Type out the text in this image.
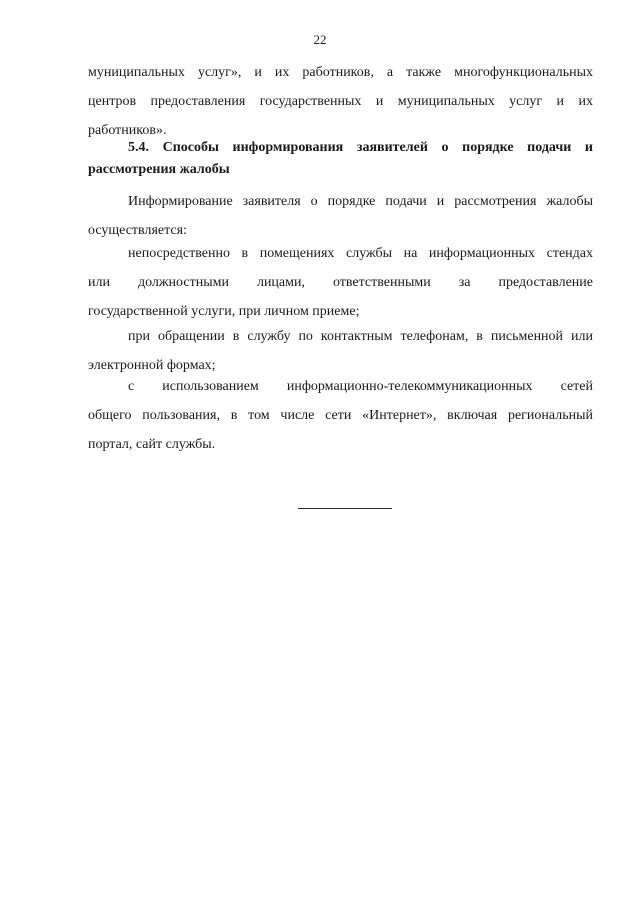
22
муниципальных услуг», и их работников, а также многофункциональных
центров предоставления государственных и муниципальных услуг и их
работников».
5.4. Способы информирования заявителей о порядке подачи и
рассмотрения жалобы
Информирование заявителя о порядке подачи и рассмотрения жалобы
осуществляется:
непосредственно в помещениях службы на информационных стендах
или должностными лицами, ответственными за предоставление
государственной услуги, при личном приеме;
при обращении в службу по контактным телефонам, в письменной или
электронной формах;
с использованием информационно-телекоммуникационных сетей
общего пользования, в том числе сети «Интернет», включая региональный
портал, сайт службы.
